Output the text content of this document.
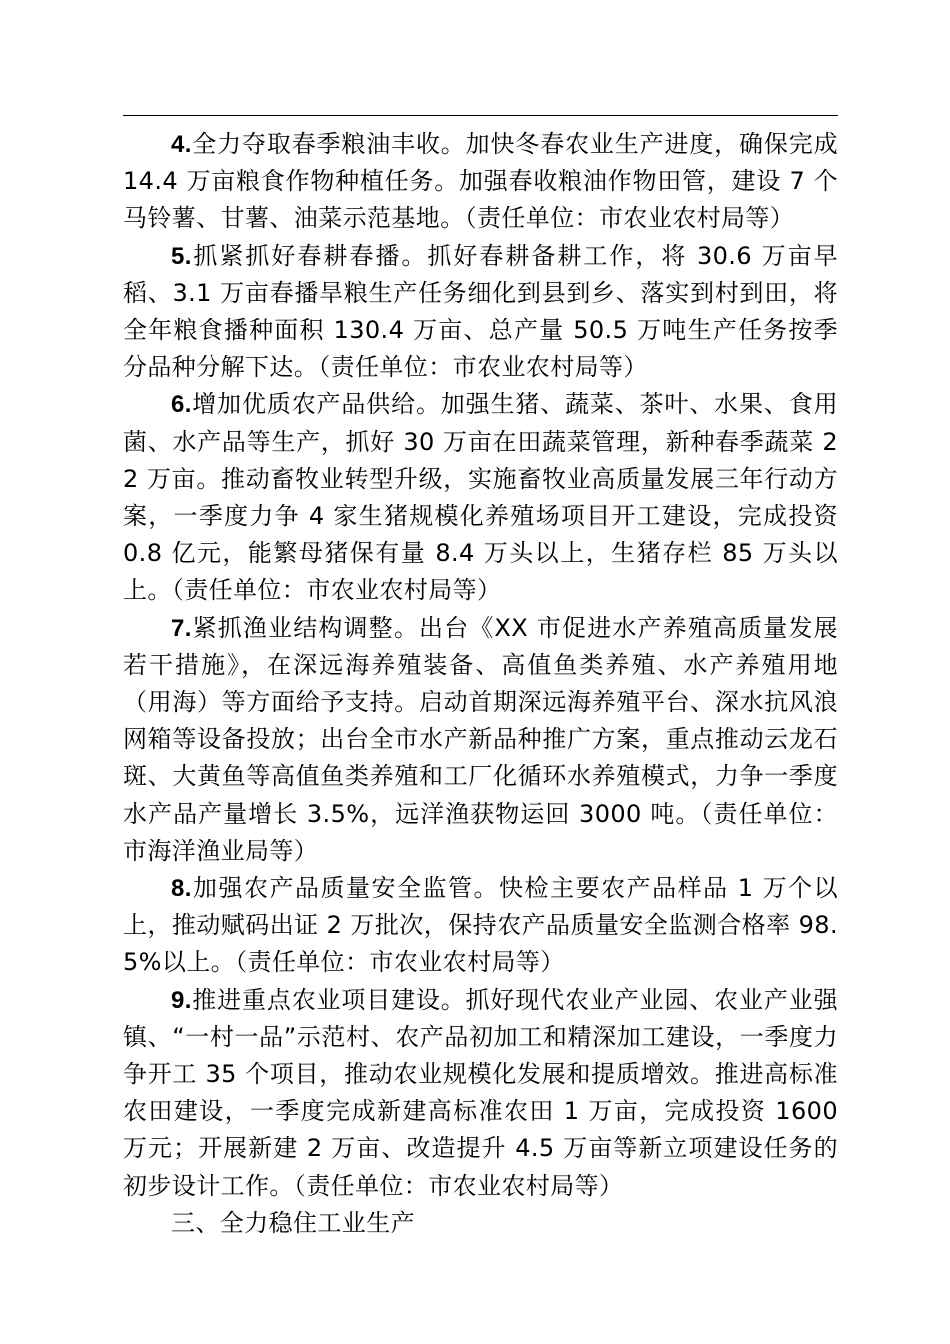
4.全力夺取春季粮油丰收。加快冬春农业生产进度，确保完成 14.4 万亩粮食作物种植任务。加强春收粮油作物田管，建设 7 个马铃薯、甘薯、油菜示范基地。（责任单位：市农业农村局等）

5.抓紧抓好春耕春播。抓好春耕备耕工作，将 30.6 万亩早稻、3.1 万亩春播旱粮生产任务细化到县到乡、落实到村到田，将全年粮食播种面积 130.4 万亩、总产量 50.5 万吨生产任务按季分品种分解下达。（责任单位：市农业农村局等）

6.增加优质农产品供给。加强生猪、蔬菜、茶叶、水果、食用菌、水产品等生产，抓好 30 万亩在田蔬菜管理，新种春季蔬菜 22 万亩。推动畜牧业转型升级，实施畜牧业高质量发展三年行动方案，一季度力争 4 家生猪规模化养殖场项目开工建设，完成投资 0.8 亿元，能繁母猪保有量 8.4 万头以上，生猪存栏 85 万头以上。（责任单位：市农业农村局等）

7.紧抓渔业结构调整。出台《XX 市促进水产养殖高质量发展若干措施》，在深远海养殖装备、高值鱼类养殖、水产养殖用地（用海）等方面给予支持。启动首期深远海养殖平台、深水抗风浪网箱等设备投放；出台全市水产新品种推广方案，重点推动云龙石斑、大黄鱼等高值鱼类养殖和工厂化循环水养殖模式，力争一季度水产品产量增长 3.5%，远洋渔获物运回 3000 吨。（责任单位：市海洋渔业局等）

8.加强农产品质量安全监管。快检主要农产品样品 1 万个以上，推动赋码出证 2 万批次，保持农产品质量安全监测合格率 98.5%以上。（责任单位：市农业农村局等）

9.推进重点农业项目建设。抓好现代农业产业园、农业产业强镇、“一村一品”示范村、农产品初加工和精深加工建设，一季度力争开工 35 个项目，推动农业规模化发展和提质增效。推进高标准农田建设，一季度完成新建高标准农田 1 万亩，完成投资 1600 万元；开展新建 2 万亩、改造提升 4.5 万亩等新立项建设任务的初步设计工作。（责任单位：市农业农村局等）

三、全力稳住工业生产
